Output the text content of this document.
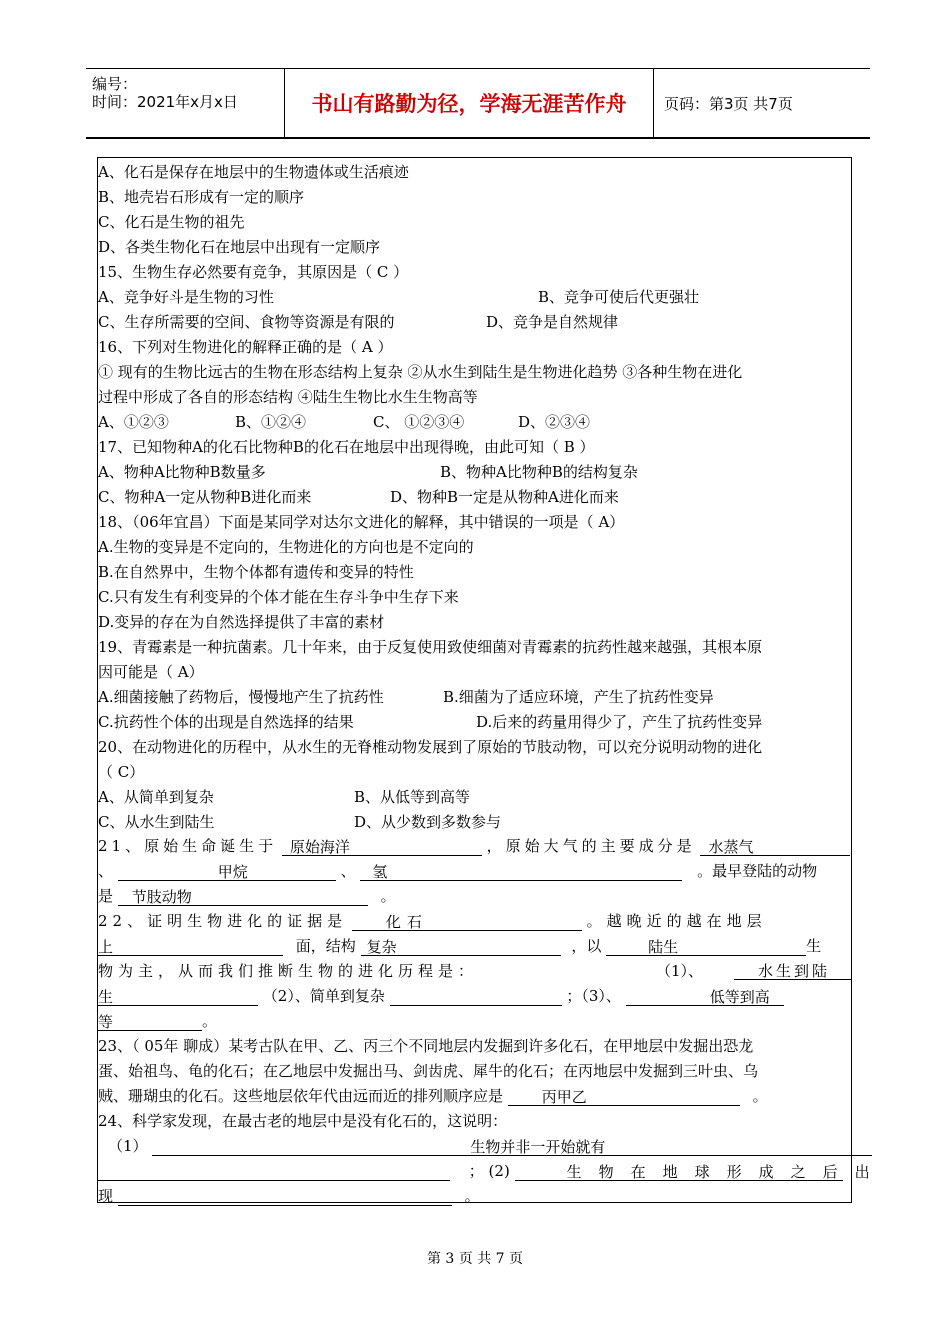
编号：
时间：2021年x月x日	书山有路勤为径，学海无涯苦作舟	页码：第3页 共7页
A、化石是保存在地层中的生物遗体或生活痕迹
B、地壳岩石形成有一定的顺序
C、化石是生物的祖先
D、各类生物化石在地层中出现有一定顺序
15、生物生存必然要有竞争，其原因是（ C ）
A、竞争好斗是生物的习性	B、竞争可使后代更强壮
C、生存所需要的空间、食物等资源是有限的	D、竞争是自然规律
16、下列对生物进化的解释正确的是（ A ）
① 现有的生物比远古的生物在形态结构上复杂 ②从水生到陆生是生物进化趋势 ③各种生物在进化
过程中形成了各自的形态结构 ④陆生生物比水生生物高等
A、①②③	B、①②④	C、 ①②③④	D、②③④
17、已知物种A的化石比物种B的化石在地层中出现得晚，由此可知（ B ）
A、物种A比物种B数量多	B、物种A比物种B的结构复杂
C、物种A一定从物种B进化而来	D、物种B一定是从物种A进化而来
18、（06年宜昌）下面是某同学对达尔文进化的解释，其中错误的一项是（ A）
A.生物的变异是不定向的，生物进化的方向也是不定向的
B.在自然界中，生物个体都有遗传和变异的特性
C.只有发生有利变异的个体才能在生存斗争中生存下来
D.变异的存在为自然选择提供了丰富的素材
19、青霉素是一种抗菌素。几十年来，由于反复使用致使细菌对青霉素的抗药性越来越强，其根本原
因可能是（ A）
A.细菌接触了药物后，慢慢地产生了抗药性	B.细菌为了适应环境，产生了抗药性变异
C.抗药性个体的出现是自然选择的结果	D.后来的药量用得少了，产生了抗药性变异
20、在动物进化的历程中，从水生的无脊椎动物发展到了原始的节肢动物，可以充分说明动物的进化
（ C）
A、从简单到复杂	B、从低等到高等
C、从水生到陆生	D、从少数到多数参与
21、原始生命诞生于 原始海洋	，原始大气的主要成分是 水蒸气
、	甲烷	、 氢	。最早登陆的动物
是 节肢动物	。
22、证明生物进化的证据是	化石	。越晚近的越在地层
上	面，结构 复杂	，以	陆生	生
物为主，从而我们推断生物的进化历程是：	（1）、	水生到陆
生	（2）、简单到复杂	；（3）、	低等到高
等	。
23、（ 05年 聊成）某考古队在甲、乙、丙三个不同地层内发掘到许多化石，在甲地层中发掘出恐龙
蛋、始祖鸟、龟的化石；在乙地层中发掘出马、剑齿虎、犀牛的化石；在丙地层中发掘到三叶虫、乌
贼、珊瑚虫的化石。这些地层依年代由远而近的排列顺序应是	丙甲乙	。
24、科学家发现，在最古老的地层中是没有化石的，这说明：
（1）	生物并非一开始就有
； (2)	生物在地球形成之后出
现	。
第 3 页 共 7 页
